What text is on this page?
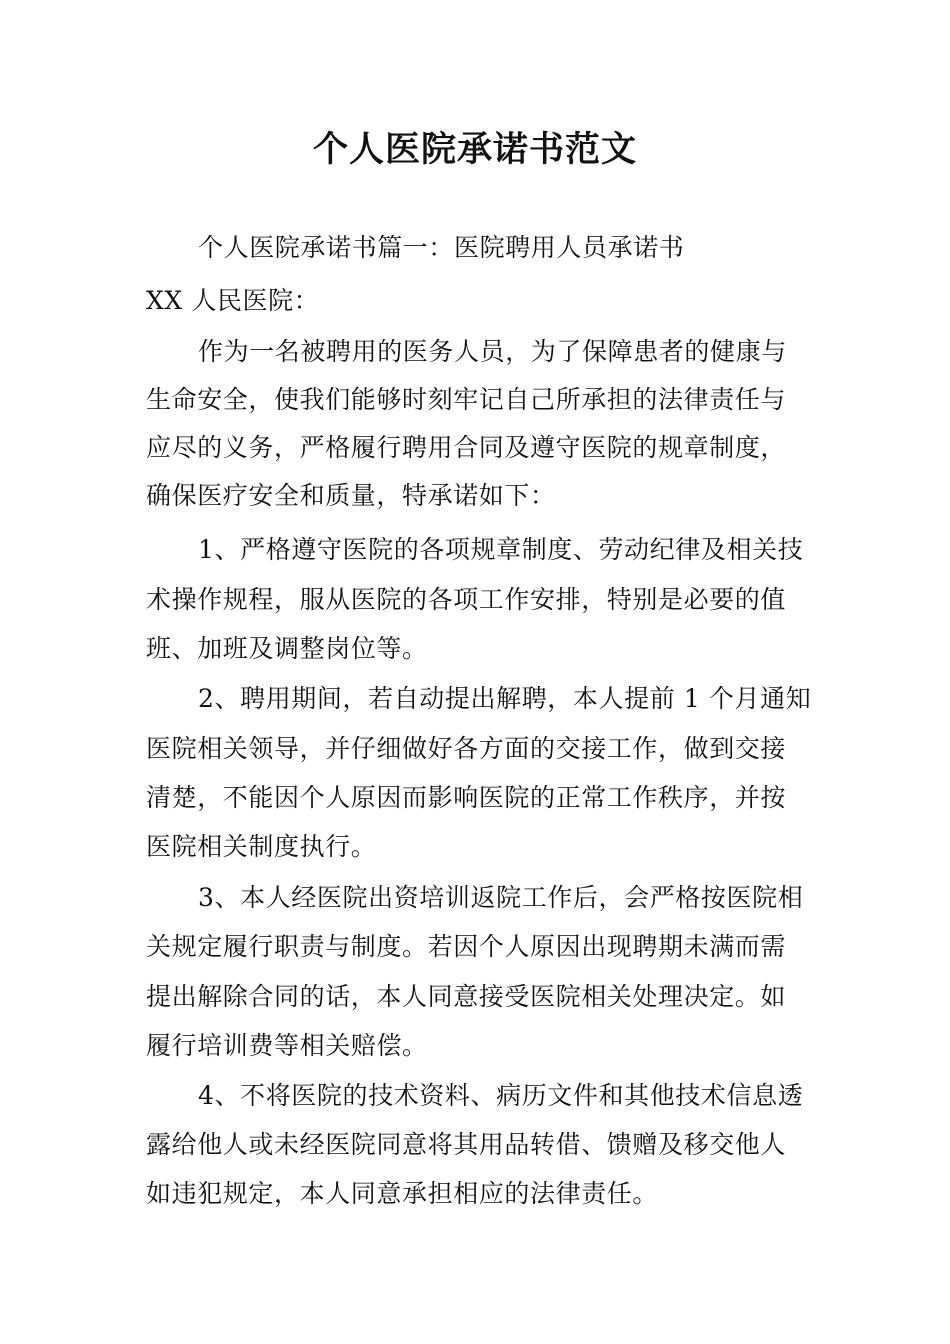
个人医院承诺书范文
个人医院承诺书篇一：医院聘用人员承诺书
XX 人民医院：
作为一名被聘用的医务人员，为了保障患者的健康与
生命安全，使我们能够时刻牢记自己所承担的法律责任与
应尽的义务，严格履行聘用合同及遵守医院的规章制度，
确保医疗安全和质量，特承诺如下：
1、严格遵守医院的各项规章制度、劳动纪律及相关技
术操作规程，服从医院的各项工作安排，特别是必要的值
班、加班及调整岗位等。
2、聘用期间，若自动提出解聘，本人提前 1 个月通知
医院相关领导，并仔细做好各方面的交接工作，做到交接
清楚，不能因个人原因而影响医院的正常工作秩序，并按
医院相关制度执行。
3、本人经医院出资培训返院工作后，会严格按医院相
关规定履行职责与制度。若因个人原因出现聘期未满而需
提出解除合同的话，本人同意接受医院相关处理决定。如
履行培训费等相关赔偿。
4、不将医院的技术资料、病历文件和其他技术信息透
露给他人或未经医院同意将其用品转借、馈赠及移交他人
如违犯规定，本人同意承担相应的法律责任。
